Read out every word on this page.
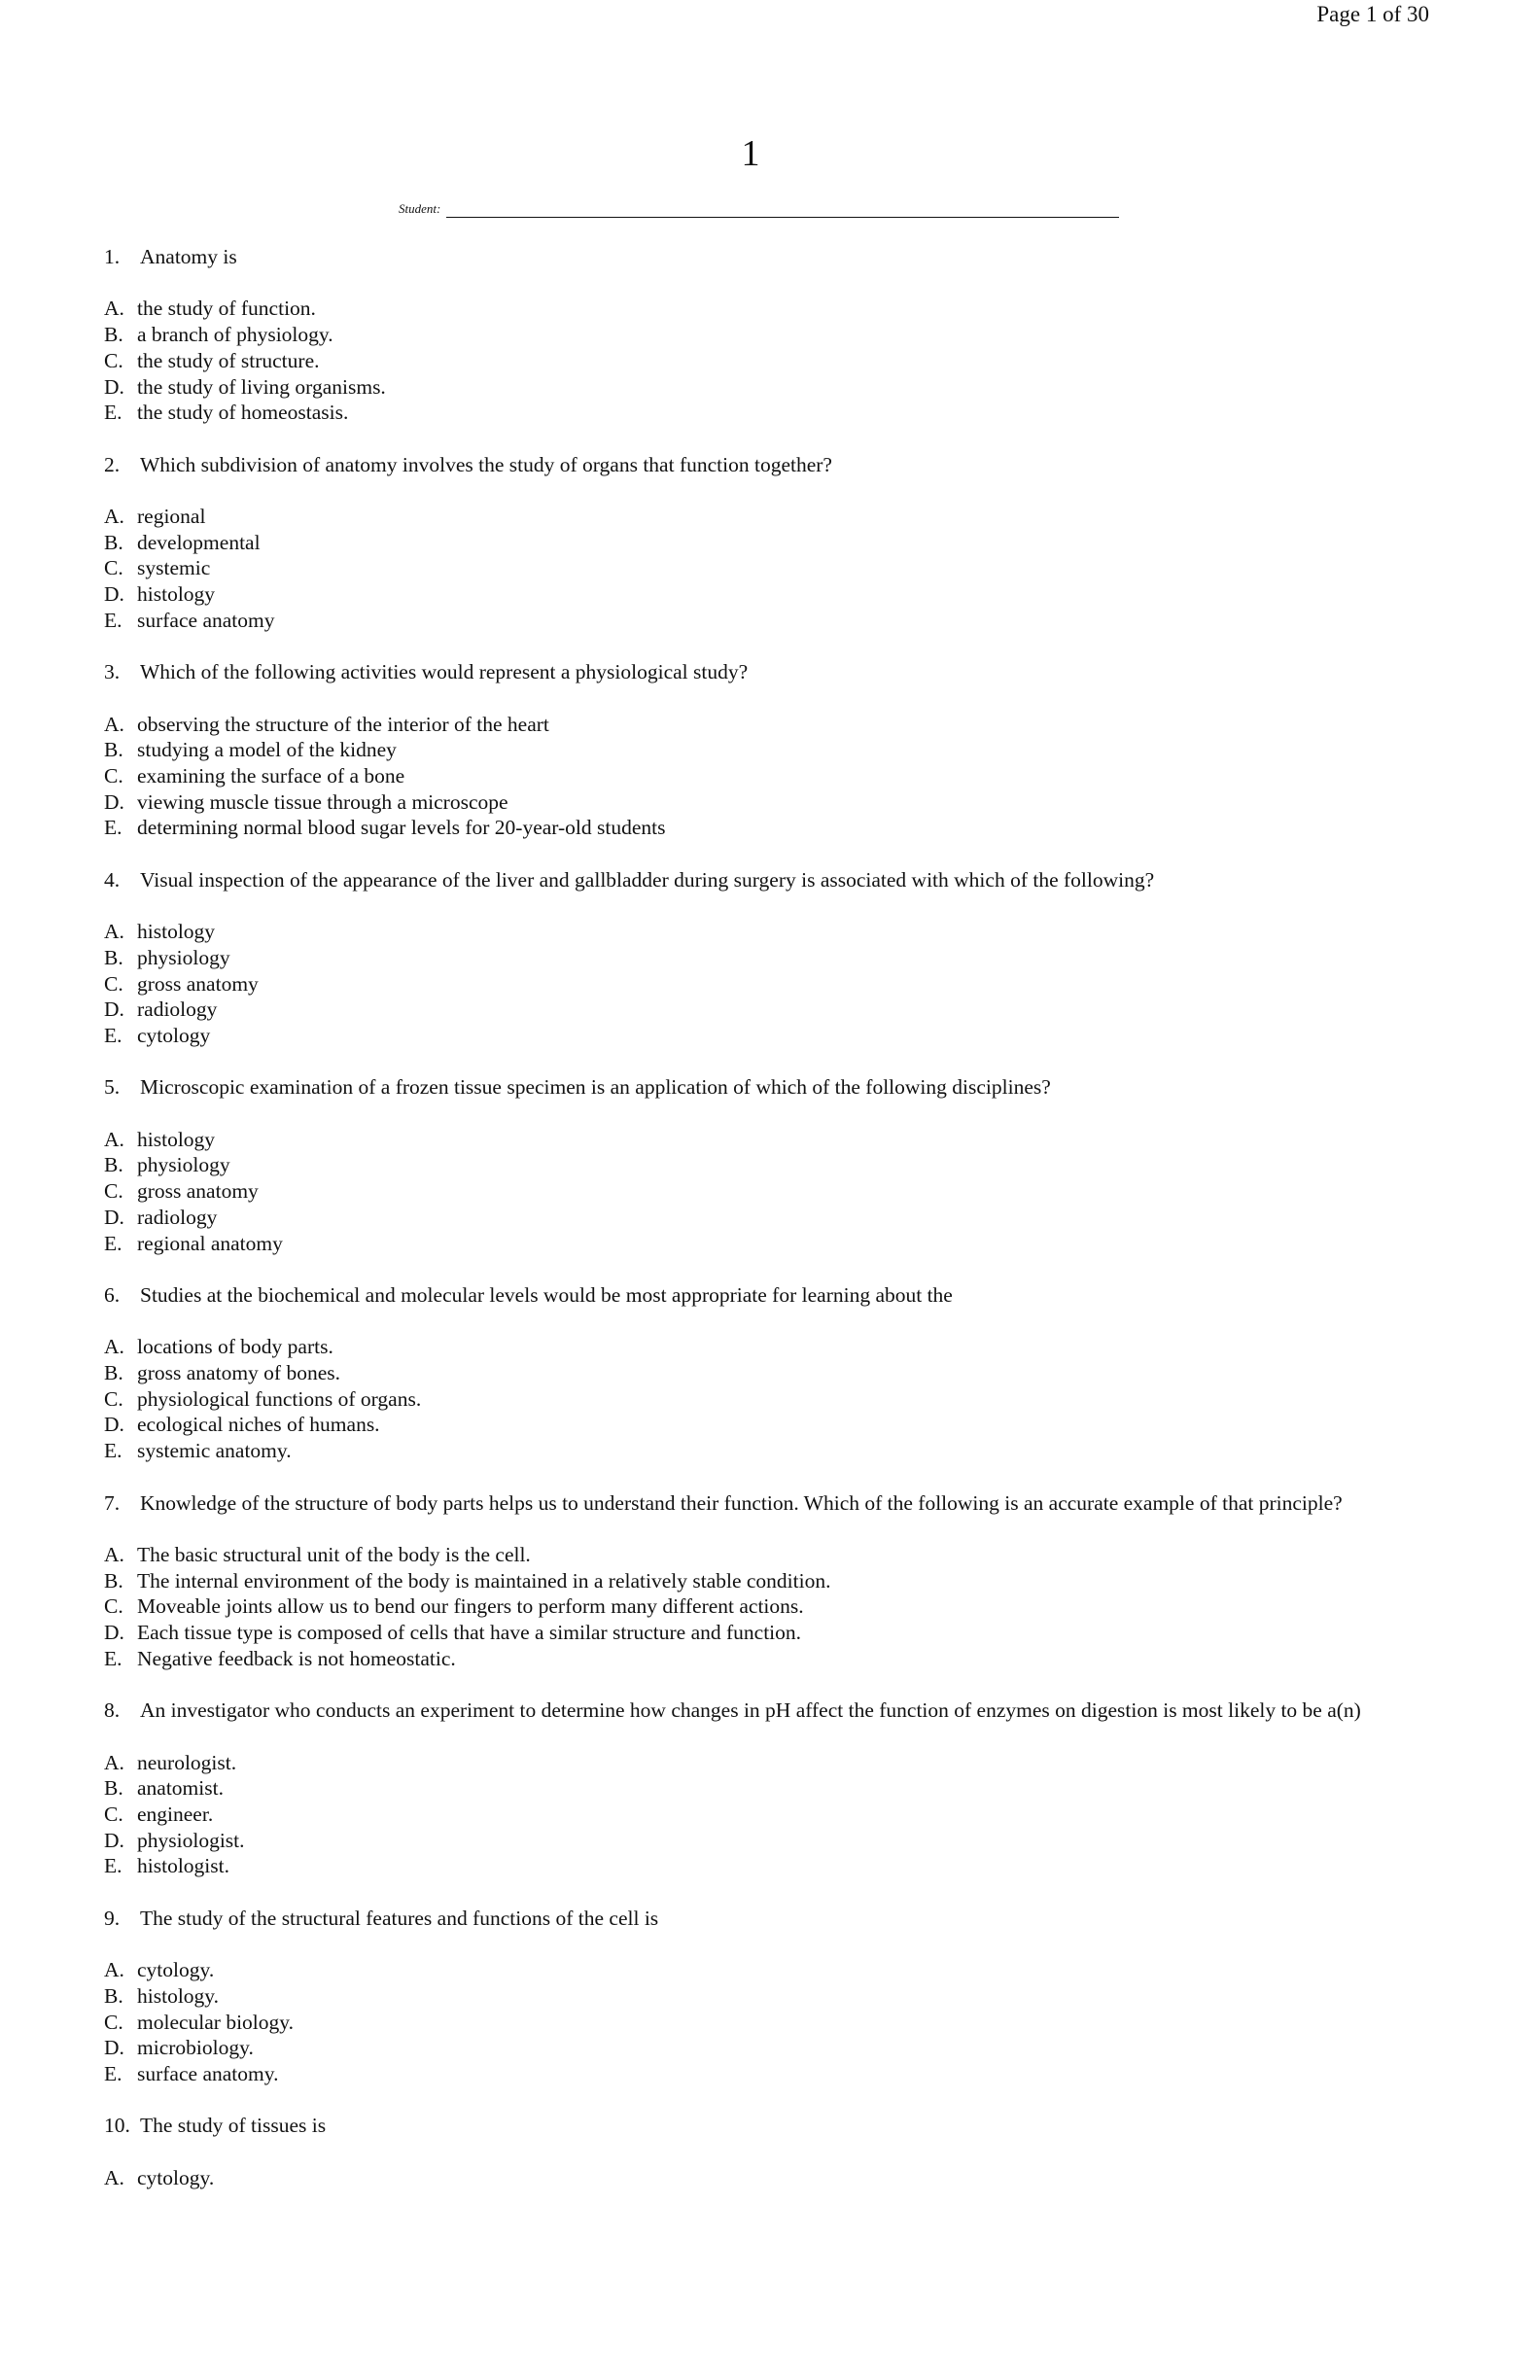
Page 1 of 30
1
Student:
1. Anatomy is
A. the study of function.
B. a branch of physiology.
C. the study of structure.
D. the study of living organisms.
E. the study of homeostasis.
2. Which subdivision of anatomy involves the study of organs that function together?
A. regional
B. developmental
C. systemic
D. histology
E. surface anatomy
3. Which of the following activities would represent a physiological study?
A. observing the structure of the interior of the heart
B. studying a model of the kidney
C. examining the surface of a bone
D. viewing muscle tissue through a microscope
E. determining normal blood sugar levels for 20-year-old students
4. Visual inspection of the appearance of the liver and gallbladder during surgery is associated with which of the following?
A. histology
B. physiology
C. gross anatomy
D. radiology
E. cytology
5. Microscopic examination of a frozen tissue specimen is an application of which of the following disciplines?
A. histology
B. physiology
C. gross anatomy
D. radiology
E. regional anatomy
6. Studies at the biochemical and molecular levels would be most appropriate for learning about the
A. locations of body parts.
B. gross anatomy of bones.
C. physiological functions of organs.
D. ecological niches of humans.
E. systemic anatomy.
7. Knowledge of the structure of body parts helps us to understand their function. Which of the following is an accurate example of that principle?
A. The basic structural unit of the body is the cell.
B. The internal environment of the body is maintained in a relatively stable condition.
C. Moveable joints allow us to bend our fingers to perform many different actions.
D. Each tissue type is composed of cells that have a similar structure and function.
E. Negative feedback is not homeostatic.
8. An investigator who conducts an experiment to determine how changes in pH affect the function of enzymes on digestion is most likely to be a(n)
A. neurologist.
B. anatomist.
C. engineer.
D. physiologist.
E. histologist.
9. The study of the structural features and functions of the cell is
A. cytology.
B. histology.
C. molecular biology.
D. microbiology.
E. surface anatomy.
10. The study of tissues is
A. cytology.
